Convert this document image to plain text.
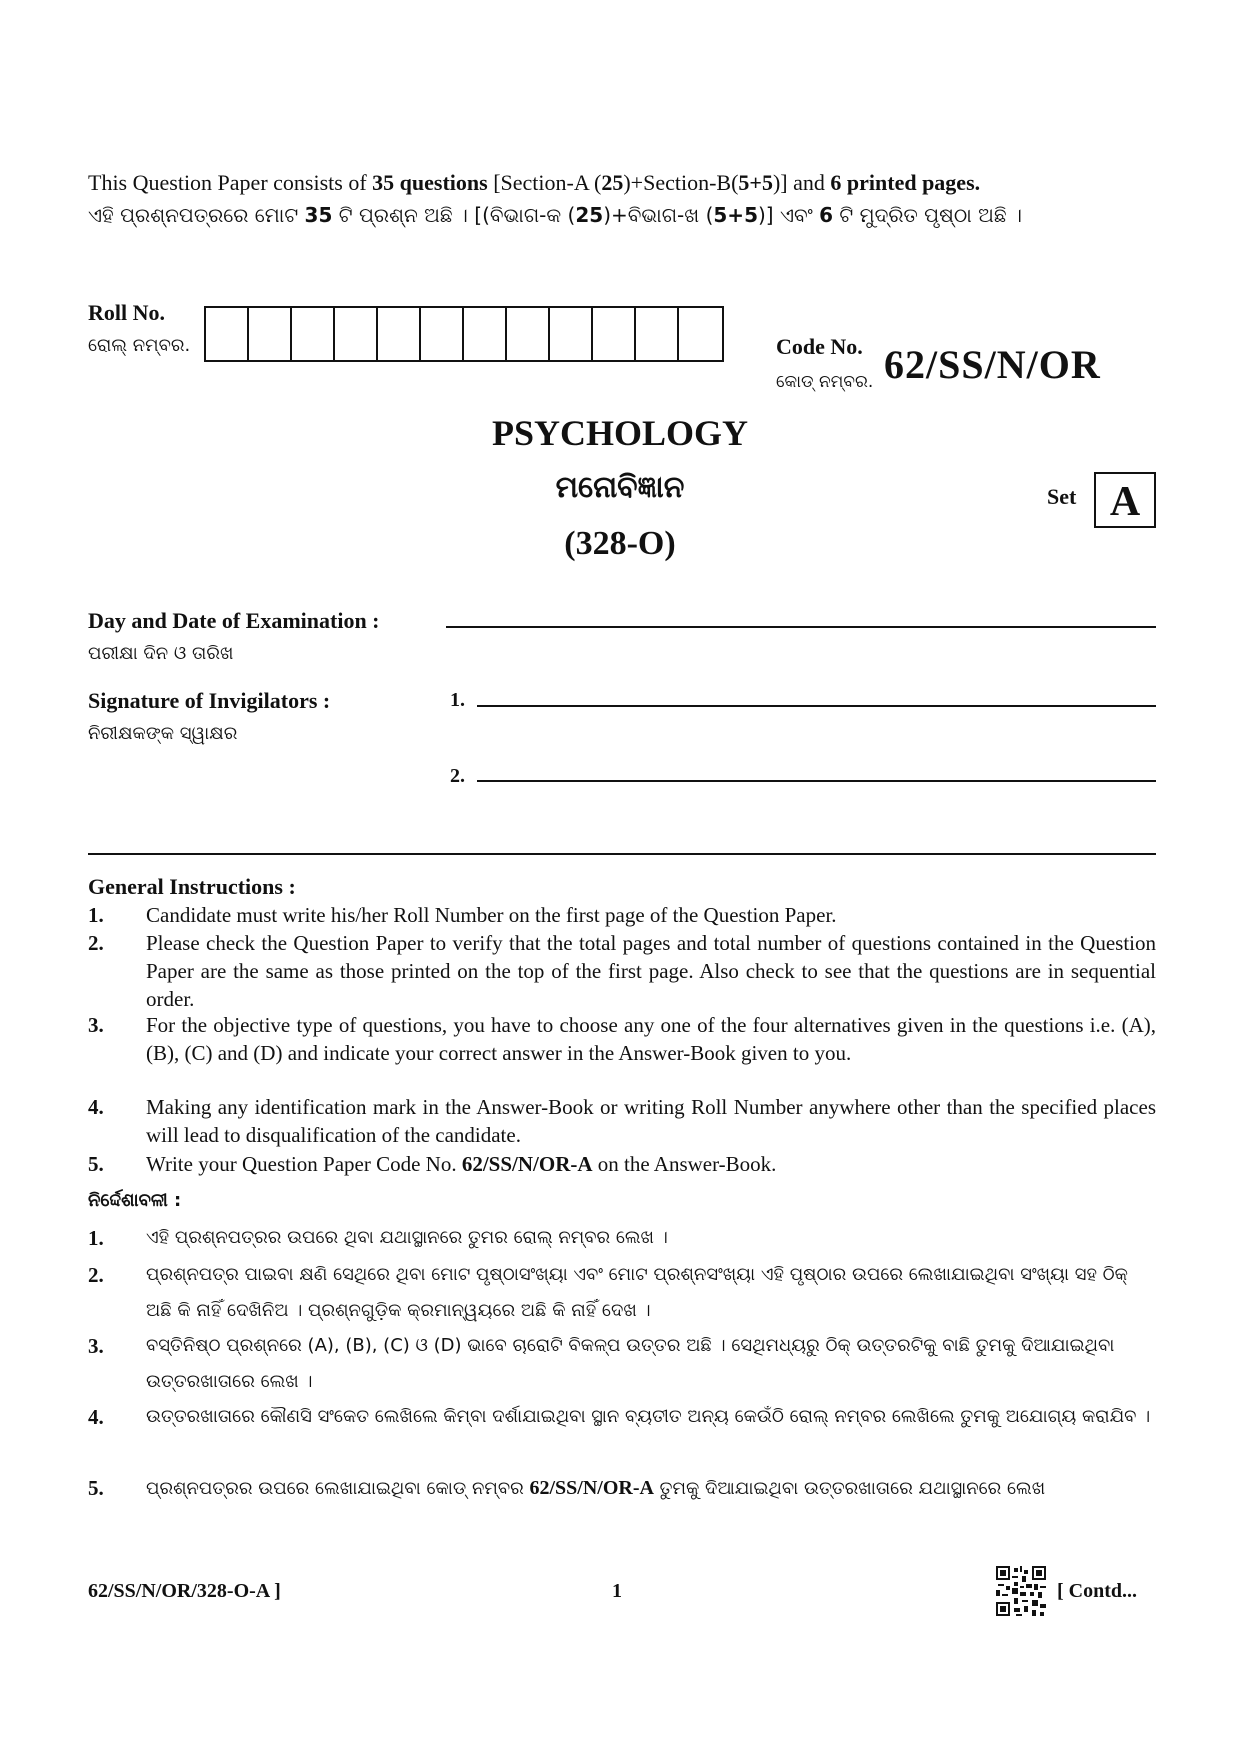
This Question Paper consists of 35 questions [Section-A (25)+Section-B(5+5)] and 6 printed pages.
ଏହି ପ୍ରଶ୍ନପତ୍ରରେ ମୋଟ 35 ଟି ପ୍ରଶ୍ନ ଅଛି । [(ବିଭାଗ-କ (25)+ବିଭାଗ-ଖ (5+5)] ଏବଂ 6 ଟି ମୁଦ୍ରିତ ପୃଷ୍ଠା ଅଛି ।
Roll No.
ରୋଲ୍ ନମ୍ବର.	Code No.
କୋଡ୍ ନମ୍ବର. 62/SS/N/OR
PSYCHOLOGY
ମନୋବିଜ୍ଞାନ
(328-O)
Set A
Day and Date of Examination :
ପରୀକ୍ଷା ଦିନ ଓ ତାରିଖ
Signature of Invigilators :
ନିରୀକ୍ଷକଙ୍କ ସ୍ୱାକ୍ଷର
1.
2.
General Instructions :
1. Candidate must write his/her Roll Number on the first page of the Question Paper.
2. Please check the Question Paper to verify that the total pages and total number of questions contained in the Question Paper are the same as those printed on the top of the first page. Also check to see that the questions are in sequential order.
3. For the objective type of questions, you have to choose any one of the four alternatives given in the questions i.e. (A), (B), (C) and (D) and indicate your correct answer in the Answer-Book given to you.
4. Making any identification mark in the Answer-Book or writing Roll Number anywhere other than the specified places will lead to disqualification of the candidate.
5. Write your Question Paper Code No. 62/SS/N/OR-A on the Answer-Book.
ନିର୍ଦ୍ଦେଶାବଳୀ :
1. ଏହି ପ୍ରଶ୍ନପତ୍ରର ଉପରେ ଥିବା ଯଥାସ୍ଥାନରେ ତୁମର ରୋଲ୍ ନମ୍ବର ଲେଖ ।
2. ପ୍ରଶ୍ନପତ୍ର ପାଇବା କ୍ଷଣି ସେଥିରେ ଥିବା ମୋଟ ପୃଷ୍ଠାସଂଖ୍ୟା ଏବଂ ମୋଟ ପ୍ରଶ୍ନସଂଖ୍ୟା ଏହି ପୃଷ୍ଠାର ଉପରେ ଲେଖାଯାଇଥିବା ସଂଖ୍ୟା ସହ ଠିକ୍ ଅଛି କି ନାହିଁ ଦେଖିନିଅ । ପ୍ରଶ୍ନଗୁଡ଼ିକ କ୍ରମାନ୍ୱୟରେ ଅଛି କି ନାହିଁ ଦେଖ ।
3. ବସ୍ତିନିଷ୍ଠ ପ୍ରଶ୍ନରେ (A), (B), (C) ଓ (D) ଭାବେ ଚାରୋଟି ବିକଳ୍ପ ଉତ୍ତର ଅଛି । ସେଥିମଧ୍ୟରୁ ଠିକ୍ ଉତ୍ତରଟିକୁ ବାଛି ତୁମକୁ ଦିଆଯାଇଥିବା ଉତ୍ତରଖାତାରେ ଲେଖ ।
4. ଉତ୍ତରଖାତାରେ କୌଣସି ସଂକେତ ଲେଖିଲେ କିମ୍ବା ଦର୍ଶାଯାଇଥିବା ସ୍ଥାନ ବ୍ୟତୀତ ଅନ୍ୟ କେଉଁଠି ରୋଲ୍ ନମ୍ବର ଲେଖିଲେ ତୁମକୁ ଅଯୋଗ୍ୟ କରାଯିବ ।
5. ପ୍ରଶ୍ନପତ୍ରର ଉପରେ ଲେଖାଯାଇଥିବା କୋଡ୍ ନମ୍ବର 62/SS/N/OR-A ତୁମକୁ ଦିଆଯାଇଥିବା ଉତ୍ତରଖାତାରେ ଯଥାସ୍ଥାନରେ ଲେଖ
62/SS/N/OR/328-O-A ]	1	[ Contd...
